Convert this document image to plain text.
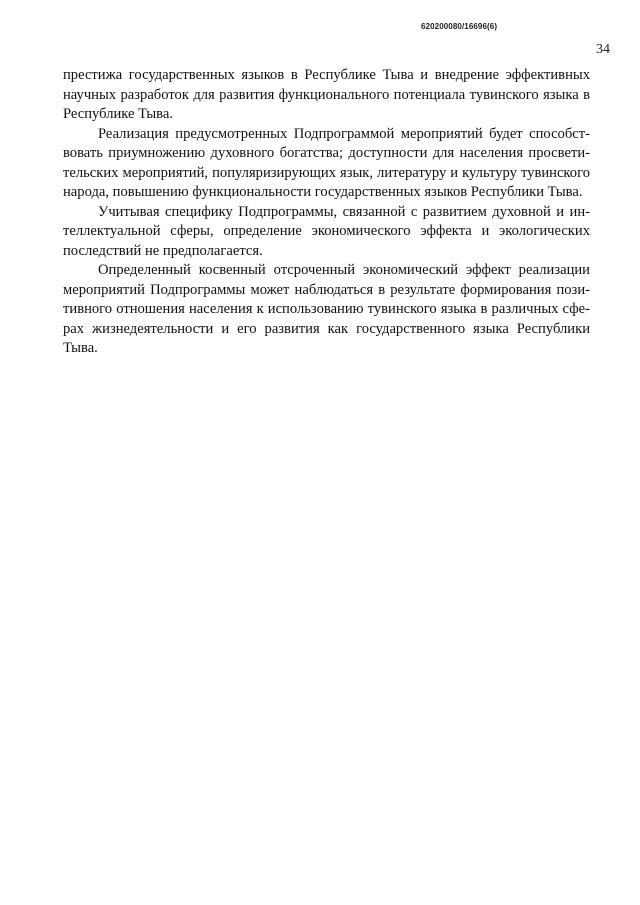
620200080/16696(6)
34

престижа государственных языков в Республике Тыва и внедрение эффективных
научных разработок для развития функционального потенциала тувинского языка в
Республике Тыва.

Реализация предусмотренных Подпрограммой мероприятий будет способст-
вовать приумножению духовного богатства; доступности для населения просвети-
тельских мероприятий, популяризирующих язык, литературу и культуру тувинского
народа, повышению функциональности государственных языков Республики Тыва.

Учитывая специфику Подпрограммы, связанной с развитием духовной и ин-
теллектуальной сферы, определение экономического эффекта и экологических
последствий не предполагается.

Определенный косвенный отсроченный экономический эффект реализации
мероприятий Подпрограммы может наблюдаться в результате формирования пози-
тивного отношения населения к использованию тувинского языка в различных сфе-
рах жизнедеятельности и его развития как государственного языка Республики
Тыва.
